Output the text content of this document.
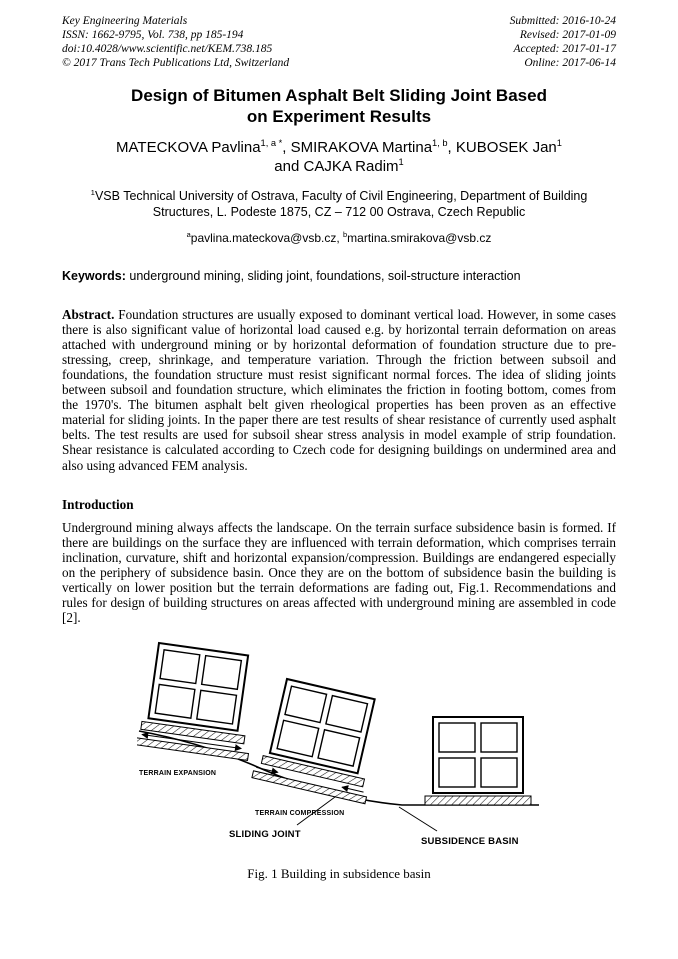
Key Engineering Materials
ISSN: 1662-9795, Vol. 738, pp 185-194
doi:10.4028/www.scientific.net/KEM.738.185
© 2017 Trans Tech Publications Ltd, Switzerland
Submitted: 2016-10-24
Revised: 2017-01-09
Accepted: 2017-01-17
Online: 2017-06-14
Design of Bitumen Asphalt Belt Sliding Joint Based
on Experiment Results
MATECKOVA Pavlina$^{1, a *}$, SMIRAKOVA Martina$^{1, b}$, KUBOSEK Jan$^1$
and CAJKA Radim$^1$
$^1$VSB Technical University of Ostrava, Faculty of Civil Engineering, Department of Building Structures, L. Podeste 1875, CZ – 712 00 Ostrava, Czech Republic
$^a$pavlina.mateckova@vsb.cz, $^b$martina.smirakova@vsb.cz

Keywords: underground mining, sliding joint, foundations, soil-structure interaction

Abstract. Foundation structures are usually exposed to dominant vertical load. However, in some cases there is also significant value of horizontal load caused e.g. by horizontal terrain deformation on areas attached with underground mining or by horizontal deformation of foundation structure due to pre-stressing, creep, shrinkage, and temperature variation. Through the friction between subsoil and foundations, the foundation structure must resist significant normal forces. The idea of sliding joints between subsoil and foundation structure, which eliminates the friction in footing bottom, comes from the 1970's. The bitumen asphalt belt given rheological properties has been proven as an effective material for sliding joints. In the paper there are test results of shear resistance of currently used asphalt belts. The test results are used for subsoil shear stress analysis in model example of strip foundation. Shear resistance is calculated according to Czech code for designing buildings on undermined area and also using advanced FEM analysis.

Introduction

Underground mining always affects the landscape. On the terrain surface subsidence basin is formed. If there are buildings on the surface they are influenced with terrain deformation, which comprises terrain inclination, curvature, shift and horizontal expansion/compression. Buildings are endangered especially on the periphery of subsidence basin. Once they are on the bottom of subsidence basin the building is vertically on lower position but the terrain deformations are fading out, Fig.1. Recommendations and rules for design of building structures on areas affected with underground mining are assembled in code [2].

TERRAIN EXPANSION
TERRAIN COMPRESSION
SLIDING JOINT
SUBSIDENCE BASIN
Fig. 1 Building in subsidence basin
